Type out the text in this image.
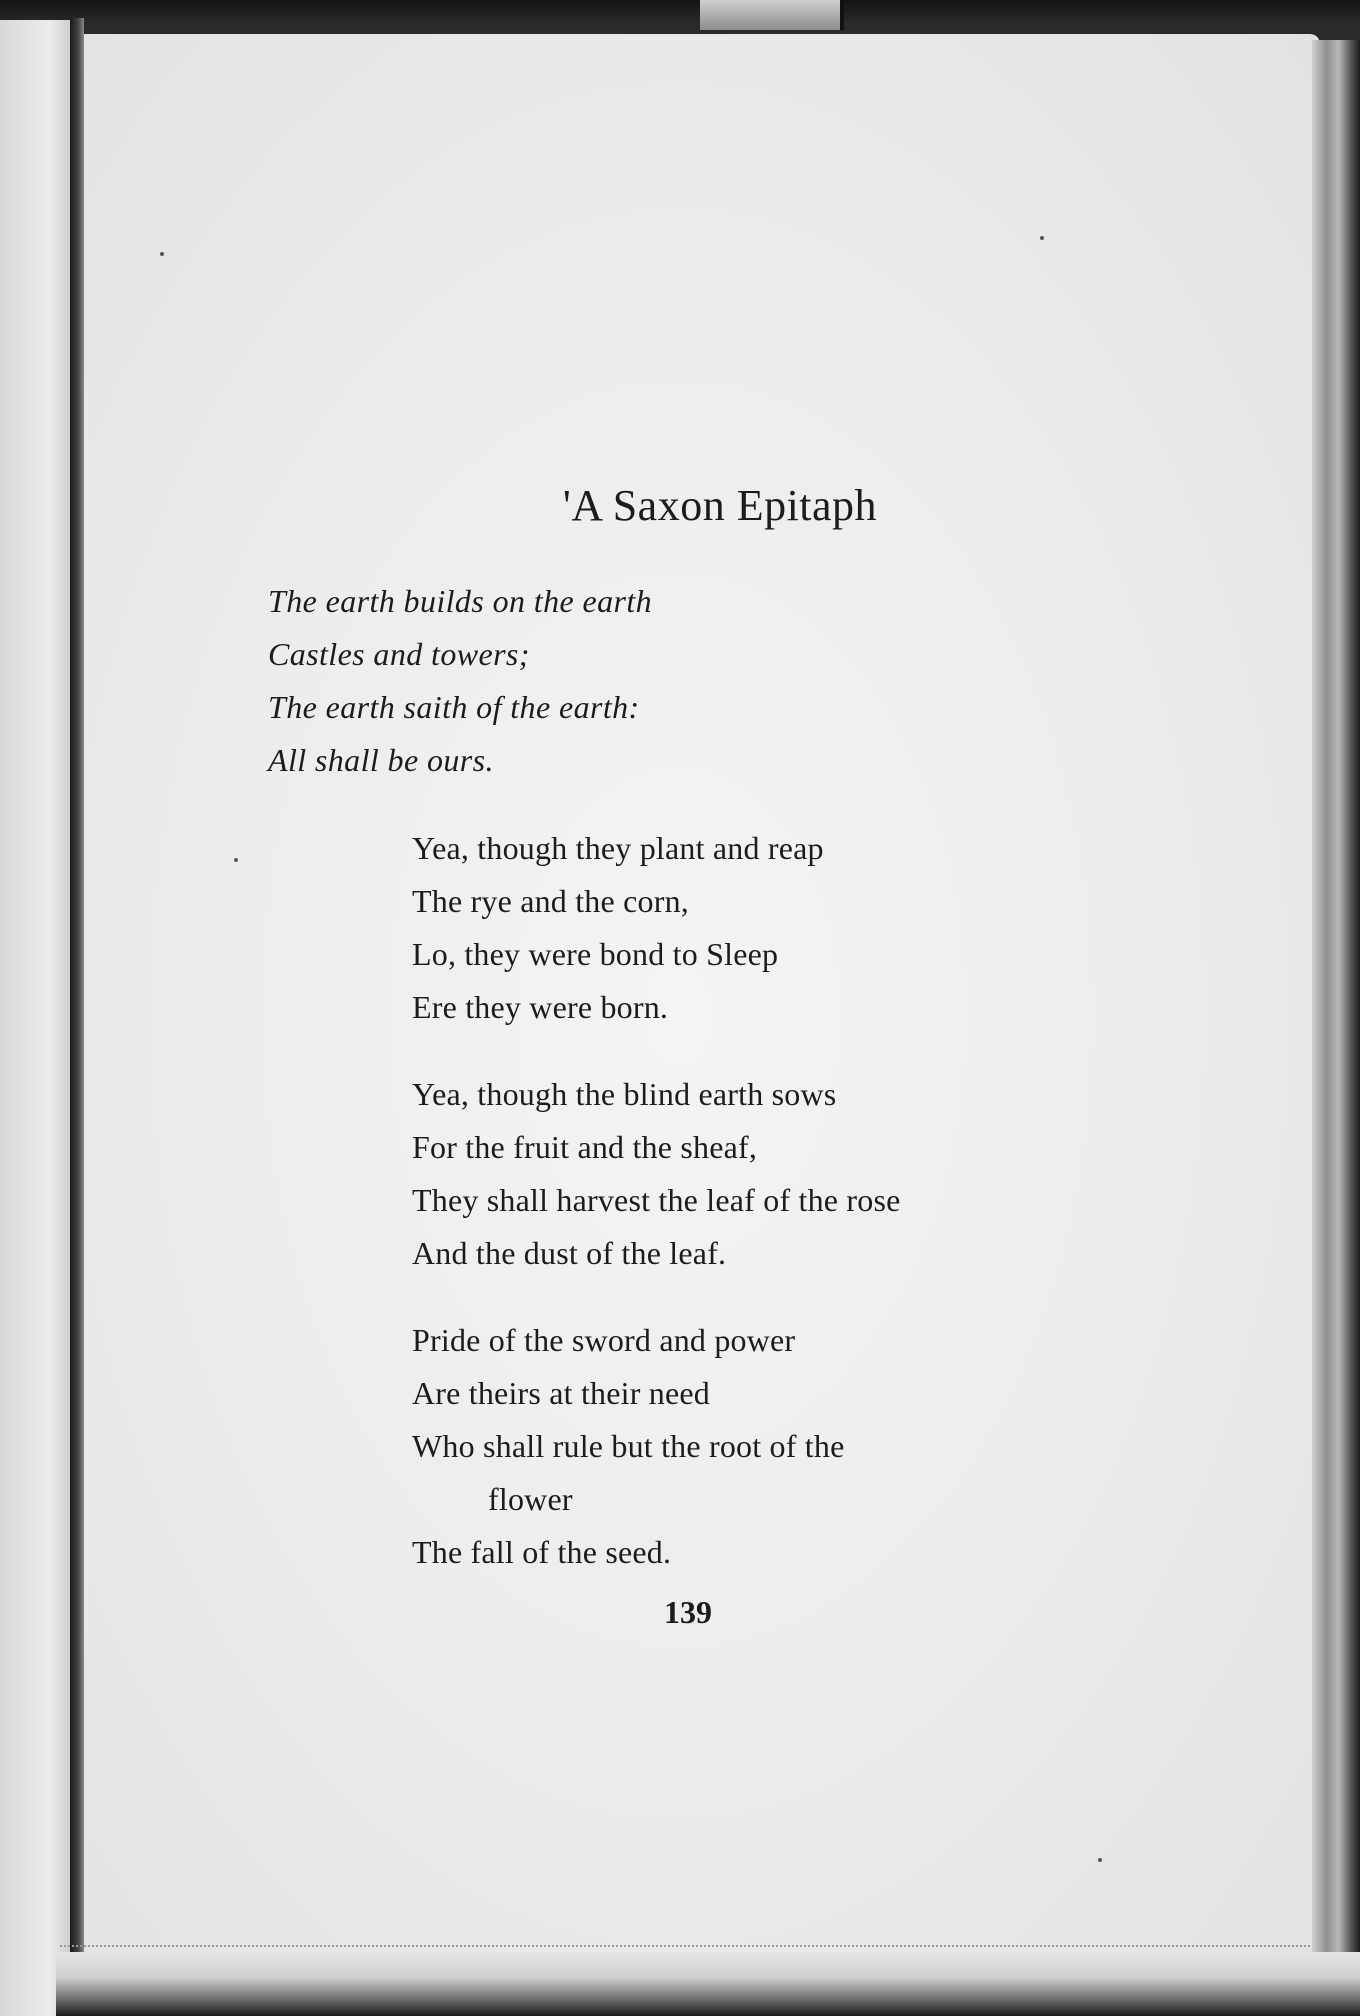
'A Saxon Epitaph
The earth builds on the earth
Castles and towers;
The earth saith of the earth:
All shall be ours.
Yea, though they plant and reap
The rye and the corn,
Lo, they were bond to Sleep
Ere they were born.
Yea, though the blind earth sows
For the fruit and the sheaf,
They shall harvest the leaf of the rose
And the dust of the leaf.
Pride of the sword and power
Are theirs at their need
Who shall rule but the root of the
flower
The fall of the seed.
139
